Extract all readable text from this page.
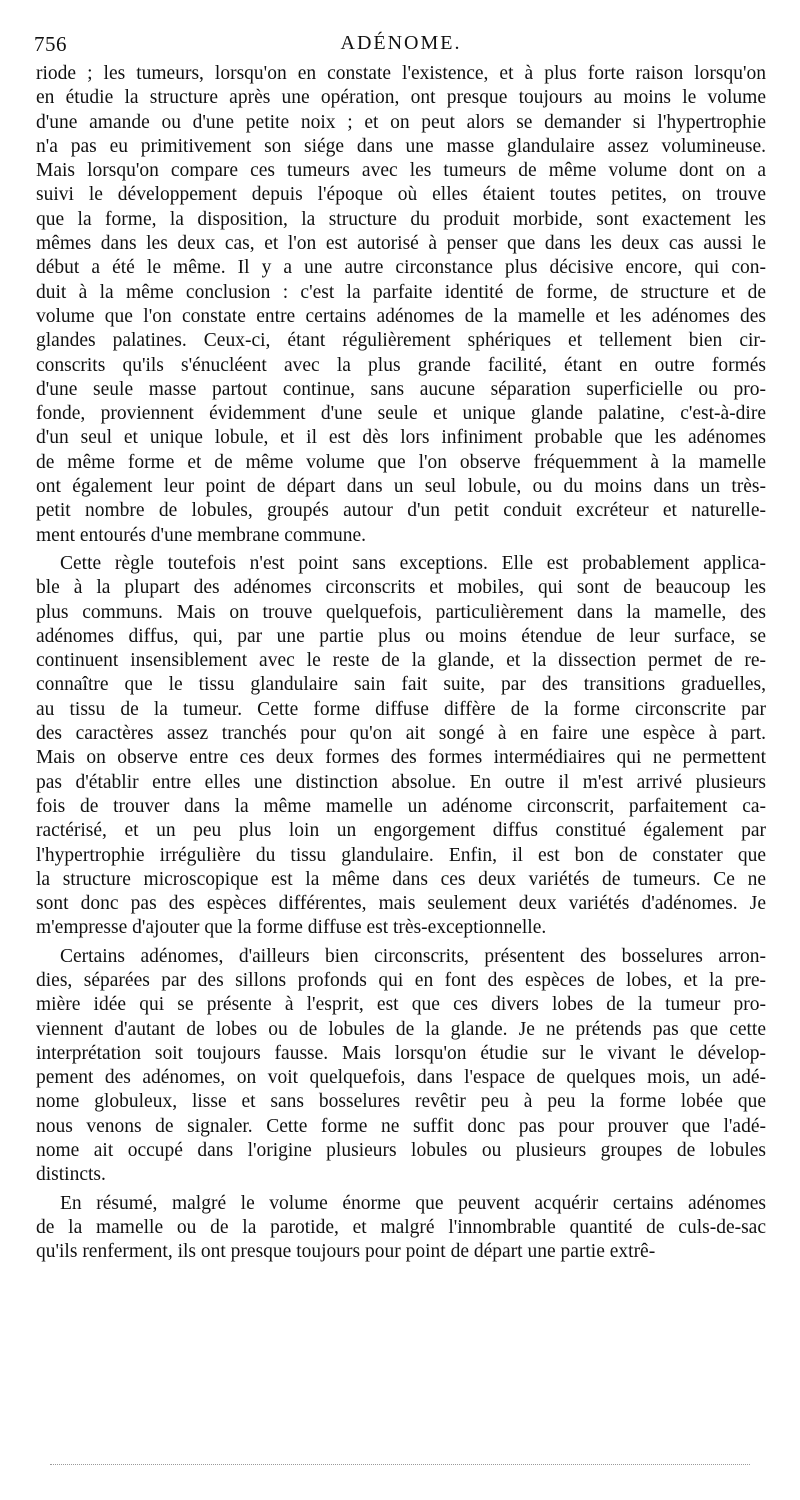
756	ADÉNOME.
riode ; les tumeurs, lorsqu'on en constate l'existence, et à plus forte raison lorsqu'on
en étudie la structure après une opération, ont presque toujours au moins le volume
d'une amande ou d'une petite noix ; et on peut alors se demander si l'hypertrophie
n'a pas eu primitivement son siége dans une masse glandulaire assez volumineuse.
Mais lorsqu'on compare ces tumeurs avec les tumeurs de même volume dont on a
suivi le développement depuis l'époque où elles étaient toutes petites, on trouve
que la forme, la disposition, la structure du produit morbide, sont exactement les
mêmes dans les deux cas, et l'on est autorisé à penser que dans les deux cas aussi le
début a été le même. Il y a une autre circonstance plus décisive encore, qui con-
duit à la même conclusion : c'est la parfaite identité de forme, de structure et de
volume que l'on constate entre certains adénomes de la mamelle et les adénomes des
glandes palatines. Ceux-ci, étant régulièrement sphériques et tellement bien cir-
conscrits qu'ils s'énucléent avec la plus grande facilité, étant en outre formés
d'une seule masse partout continue, sans aucune séparation superficielle ou pro-
fonde, proviennent évidemment d'une seule et unique glande palatine, c'est-à-dire
d'un seul et unique lobule, et il est dès lors infiniment probable que les adénomes
de même forme et de même volume que l'on observe fréquemment à la mamelle
ont également leur point de départ dans un seul lobule, ou du moins dans un très-
petit nombre de lobules, groupés autour d'un petit conduit excréteur et naturelle-
ment entourés d'une membrane commune.
Cette règle toutefois n'est point sans exceptions. Elle est probablement applica-
ble à la plupart des adénomes circonscrits et mobiles, qui sont de beaucoup les
plus communs. Mais on trouve quelquefois, particulièrement dans la mamelle, des
adénomes diffus, qui, par une partie plus ou moins étendue de leur surface, se
continuent insensiblement avec le reste de la glande, et la dissection permet de re-
connaître que le tissu glandulaire sain fait suite, par des transitions graduelles,
au tissu de la tumeur. Cette forme diffuse diffère de la forme circonscrite par
des caractères assez tranchés pour qu'on ait songé à en faire une espèce à part.
Mais on observe entre ces deux formes des formes intermédiaires qui ne permettent
pas d'établir entre elles une distinction absolue. En outre il m'est arrivé plusieurs
fois de trouver dans la même mamelle un adénome circonscrit, parfaitement ca-
ractérisé, et un peu plus loin un engorgement diffus constitué également par
l'hypertrophie irrégulière du tissu glandulaire. Enfin, il est bon de constater que
la structure microscopique est la même dans ces deux variétés de tumeurs. Ce ne
sont donc pas des espèces différentes, mais seulement deux variétés d'adénomes. Je
m'empresse d'ajouter que la forme diffuse est très-exceptionnelle.
Certains adénomes, d'ailleurs bien circonscrits, présentent des bosselures arron-
dies, séparées par des sillons profonds qui en font des espèces de lobes, et la pre-
mière idée qui se présente à l'esprit, est que ces divers lobes de la tumeur pro-
viennent d'autant de lobes ou de lobules de la glande. Je ne prétends pas que cette
interprétation soit toujours fausse. Mais lorsqu'on étudie sur le vivant le dévelop-
pement des adénomes, on voit quelquefois, dans l'espace de quelques mois, un adé-
nome globuleux, lisse et sans bosselures revêtir peu à peu la forme lobée que
nous venons de signaler. Cette forme ne suffit donc pas pour prouver que l'adé-
nome ait occupé dans l'origine plusieurs lobules ou plusieurs groupes de lobules
distincts.
En résumé, malgré le volume énorme que peuvent acquérir certains adénomes
de la mamelle ou de la parotide, et malgré l'innombrable quantité de culs-de-sac
qu'ils renferment, ils ont presque toujours pour point de départ une partie extrê-
